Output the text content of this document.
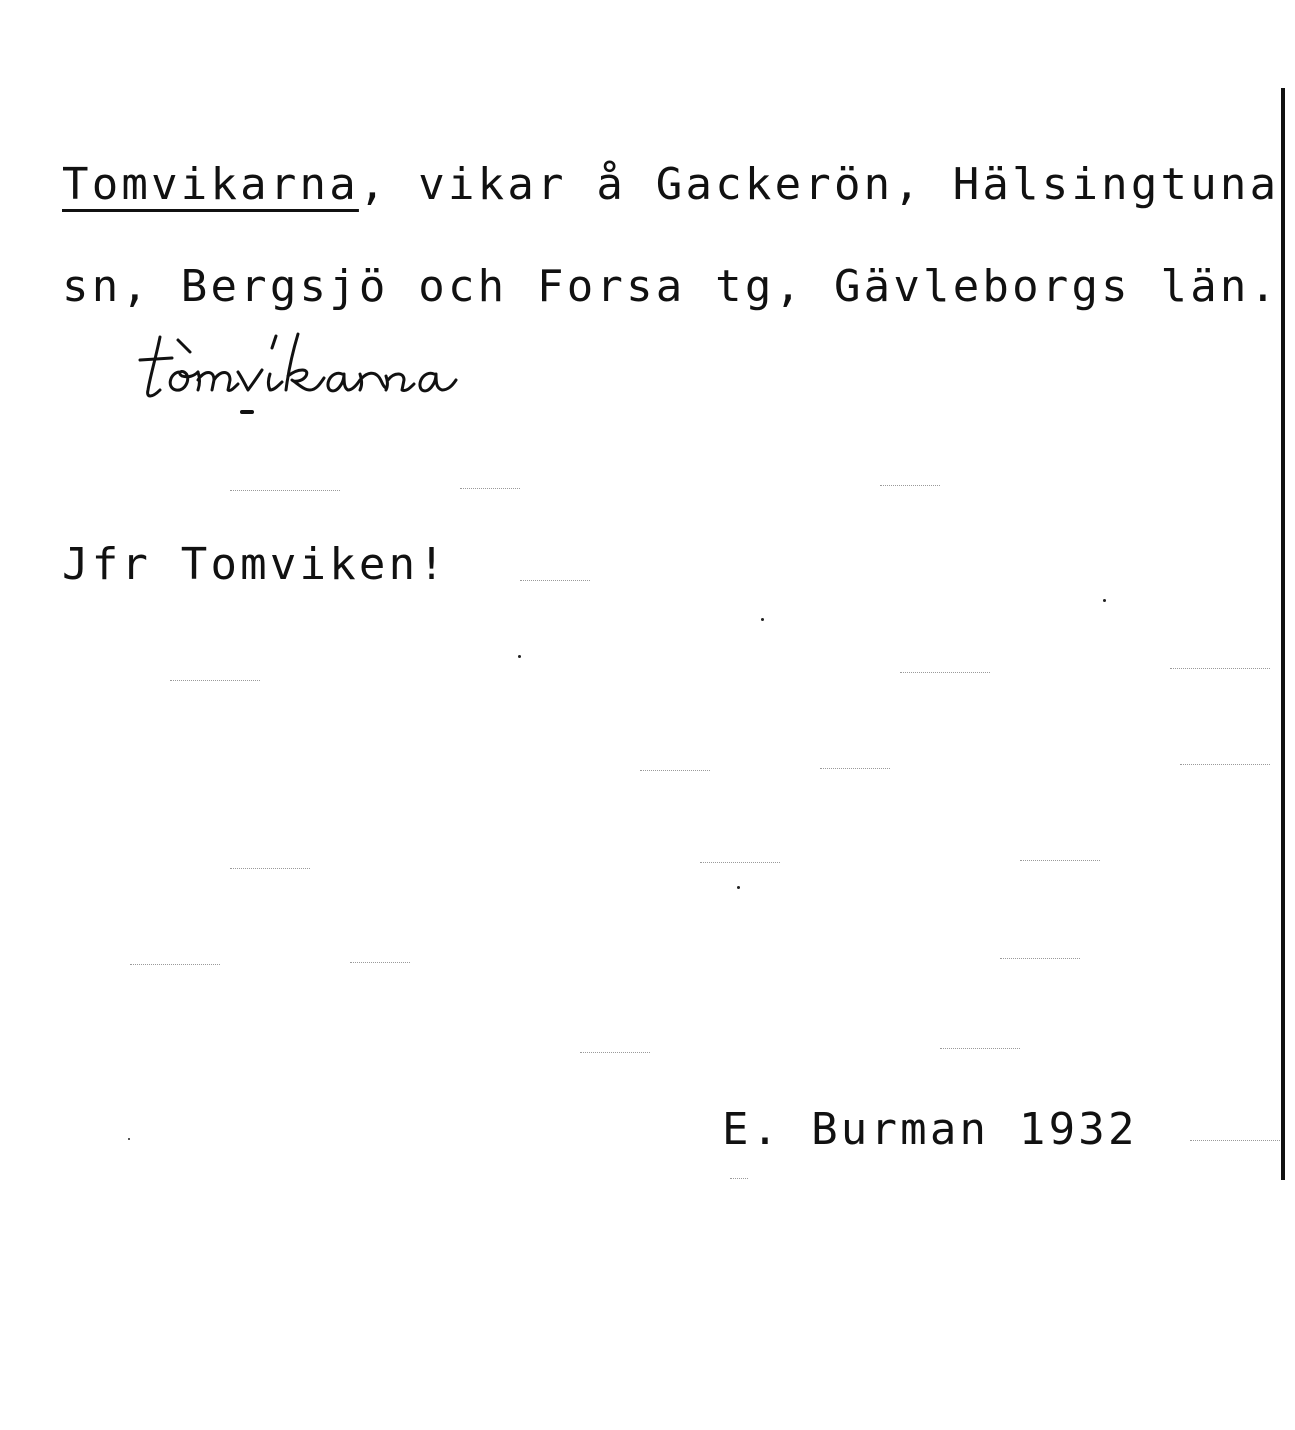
Tomvikarna, vikar å Gackerön, Hälsingtuna
sn, Bergsjö och Forsa tg, Gävleborgs län.
Jfr Tomviken!
E. Burman 1932
